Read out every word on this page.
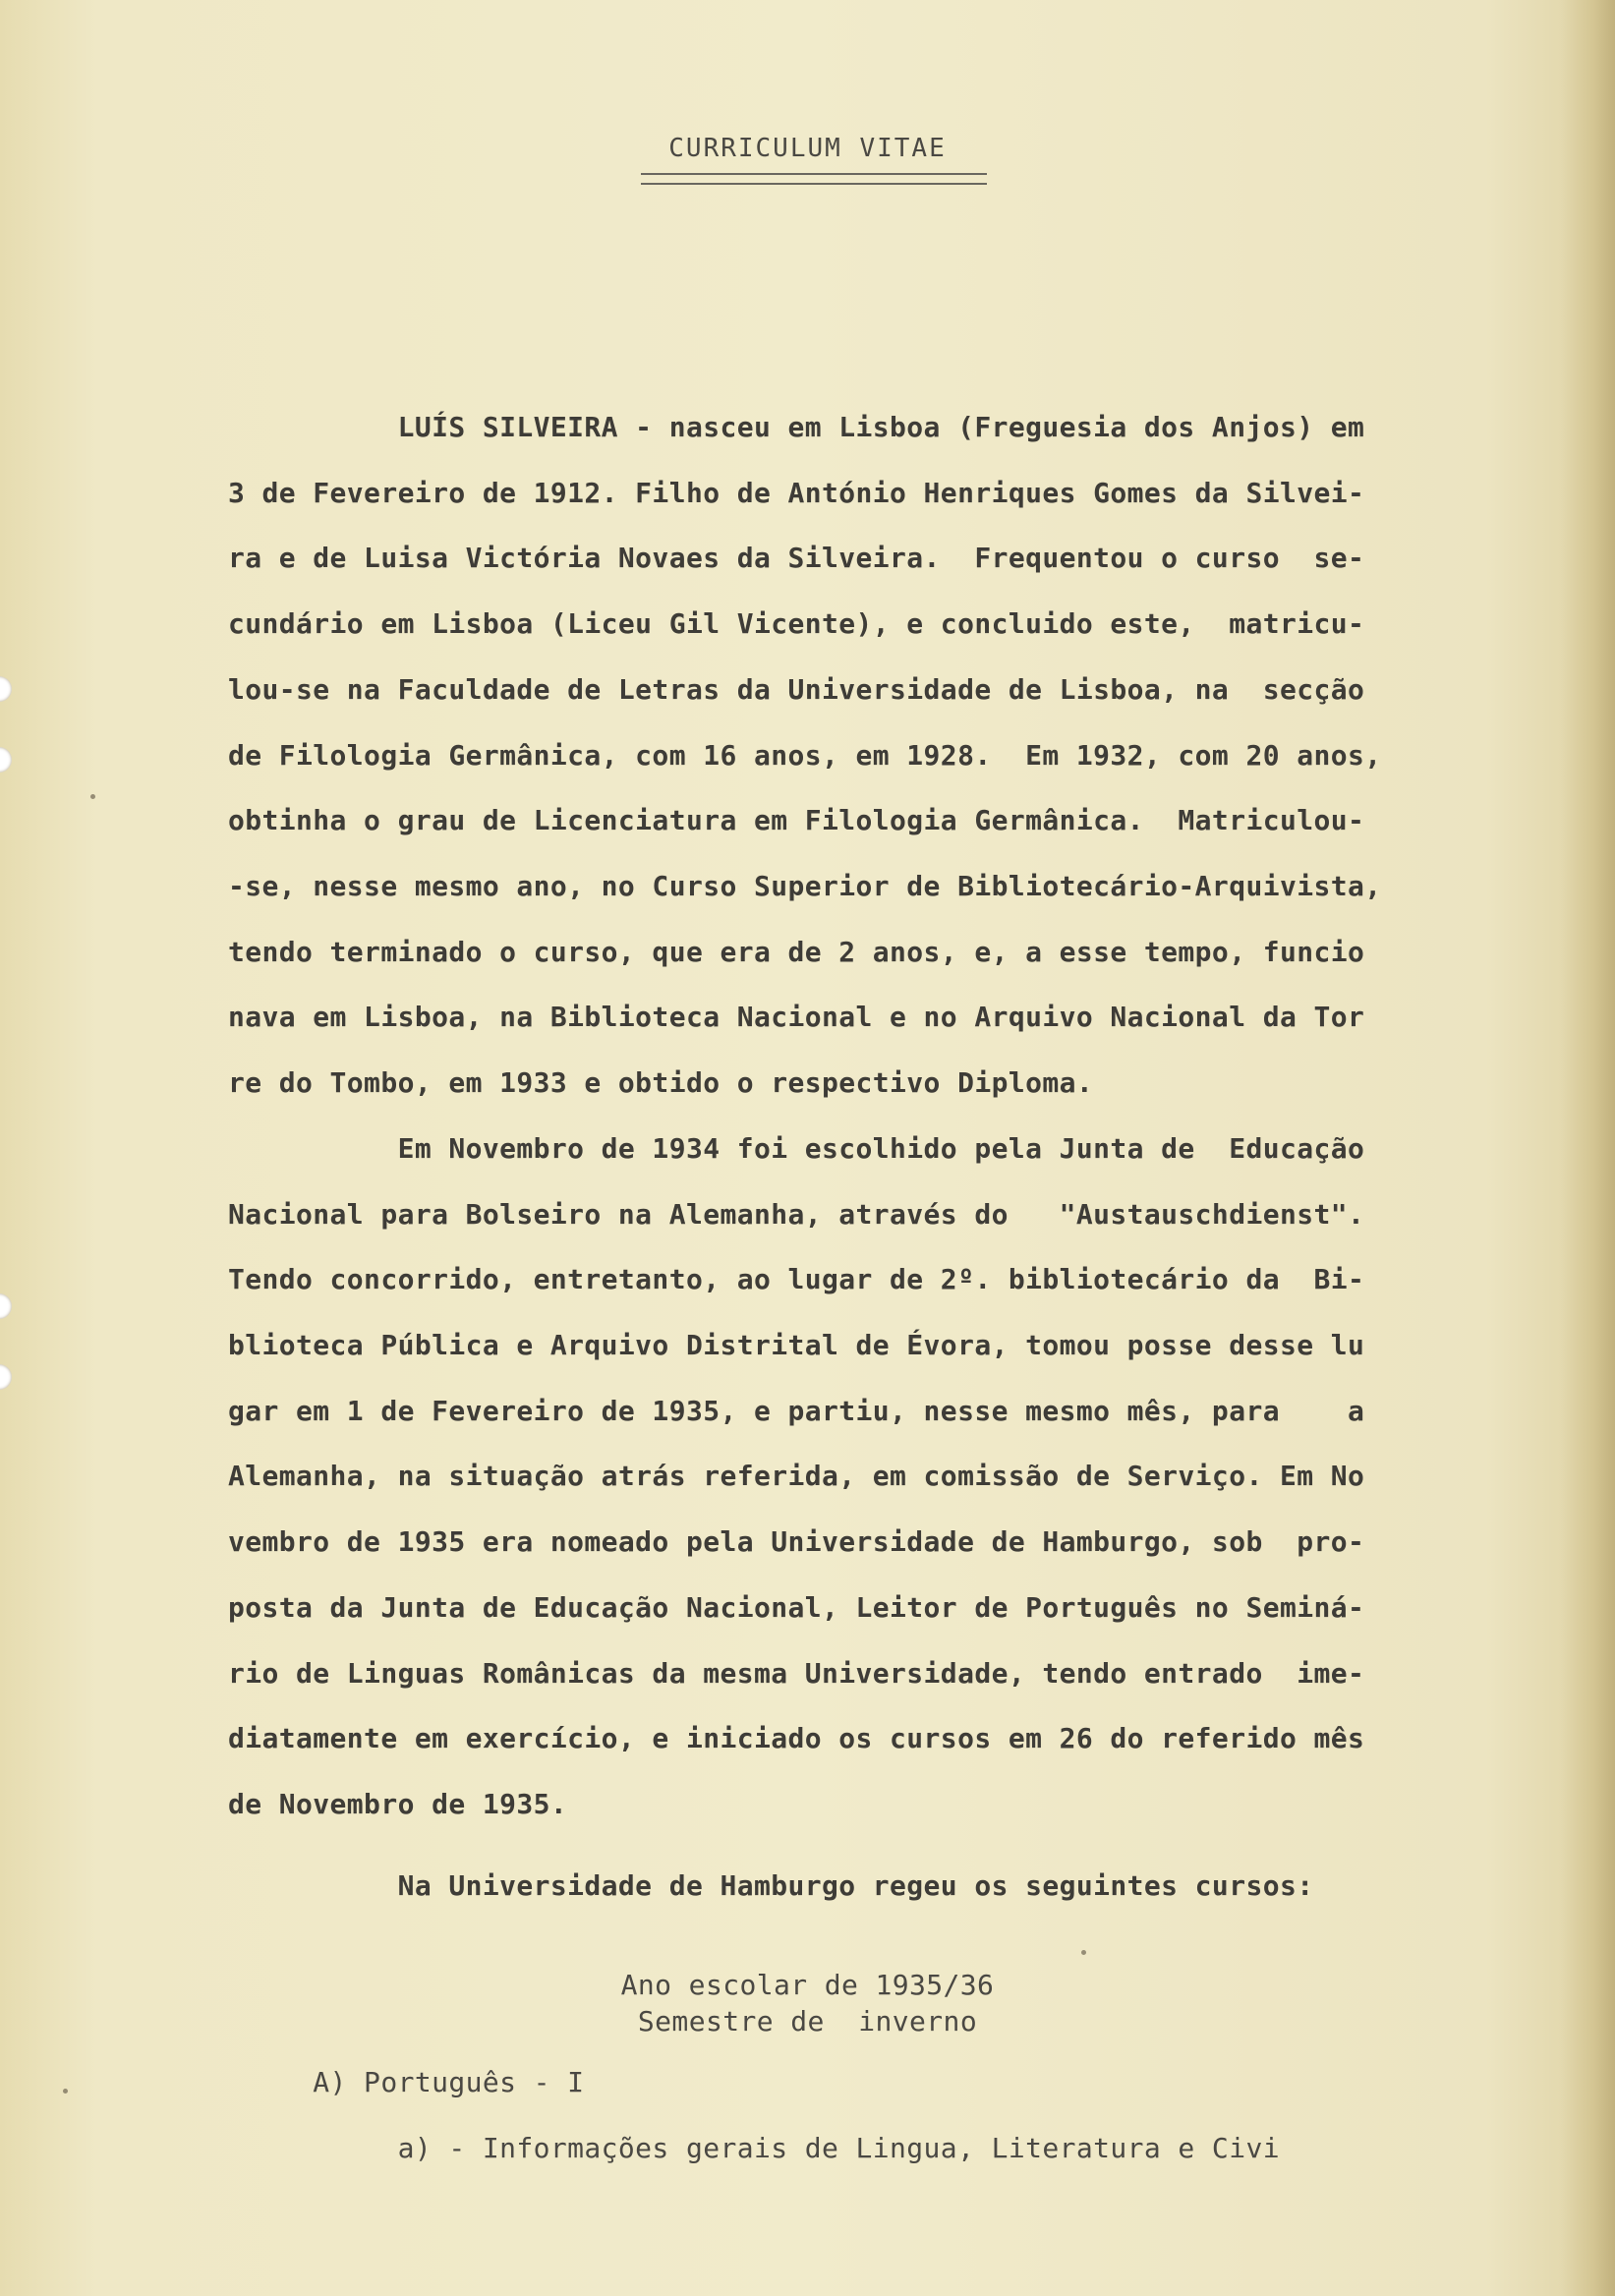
CURRICULUM VITAE
LUÍS SILVEIRA - nasceu em Lisboa (Freguesia dos Anjos) em
3 de Fevereiro de 1912. Filho de António Henriques Gomes da Silvei-
ra e de Luisa Victória Novaes da Silveira.  Frequentou o curso  se-
cundário em Lisboa (Liceu Gil Vicente), e concluido este,  matricu-
lou-se na Faculdade de Letras da Universidade de Lisboa, na  secção
de Filologia Germânica, com 16 anos, em 1928.  Em 1932, com 20 anos,
obtinha o grau de Licenciatura em Filologia Germânica.  Matriculou-
-se, nesse mesmo ano, no Curso Superior de Bibliotecário-Arquivista,
tendo terminado o curso, que era de 2 anos, e, a esse tempo, funcio
nava em Lisboa, na Biblioteca Nacional e no Arquivo Nacional da Tor
re do Tombo, em 1933 e obtido o respectivo Diploma.
Em Novembro de 1934 foi escolhido pela Junta de  Educação
Nacional para Bolseiro na Alemanha, através do   "Austauschdienst".
Tendo concorrido, entretanto, ao lugar de 2º. bibliotecário da  Bi-
blioteca Pública e Arquivo Distrital de Évora, tomou posse desse lu
gar em 1 de Fevereiro de 1935, e partiu, nesse mesmo mês, para    a
Alemanha, na situação atrás referida, em comissão de Serviço. Em No
vembro de 1935 era nomeado pela Universidade de Hamburgo, sob  pro-
posta da Junta de Educação Nacional, Leitor de Português no Seminá-
rio de Linguas Românicas da mesma Universidade, tendo entrado  ime-
diatamente em exercício, e iniciado os cursos em 26 do referido mês
de Novembro de 1935.
Na Universidade de Hamburgo regeu os seguintes cursos:
Ano escolar de 1935/36
Semestre de  inverno
A) Português - I
a) - Informações gerais de Lingua, Literatura e Civi
